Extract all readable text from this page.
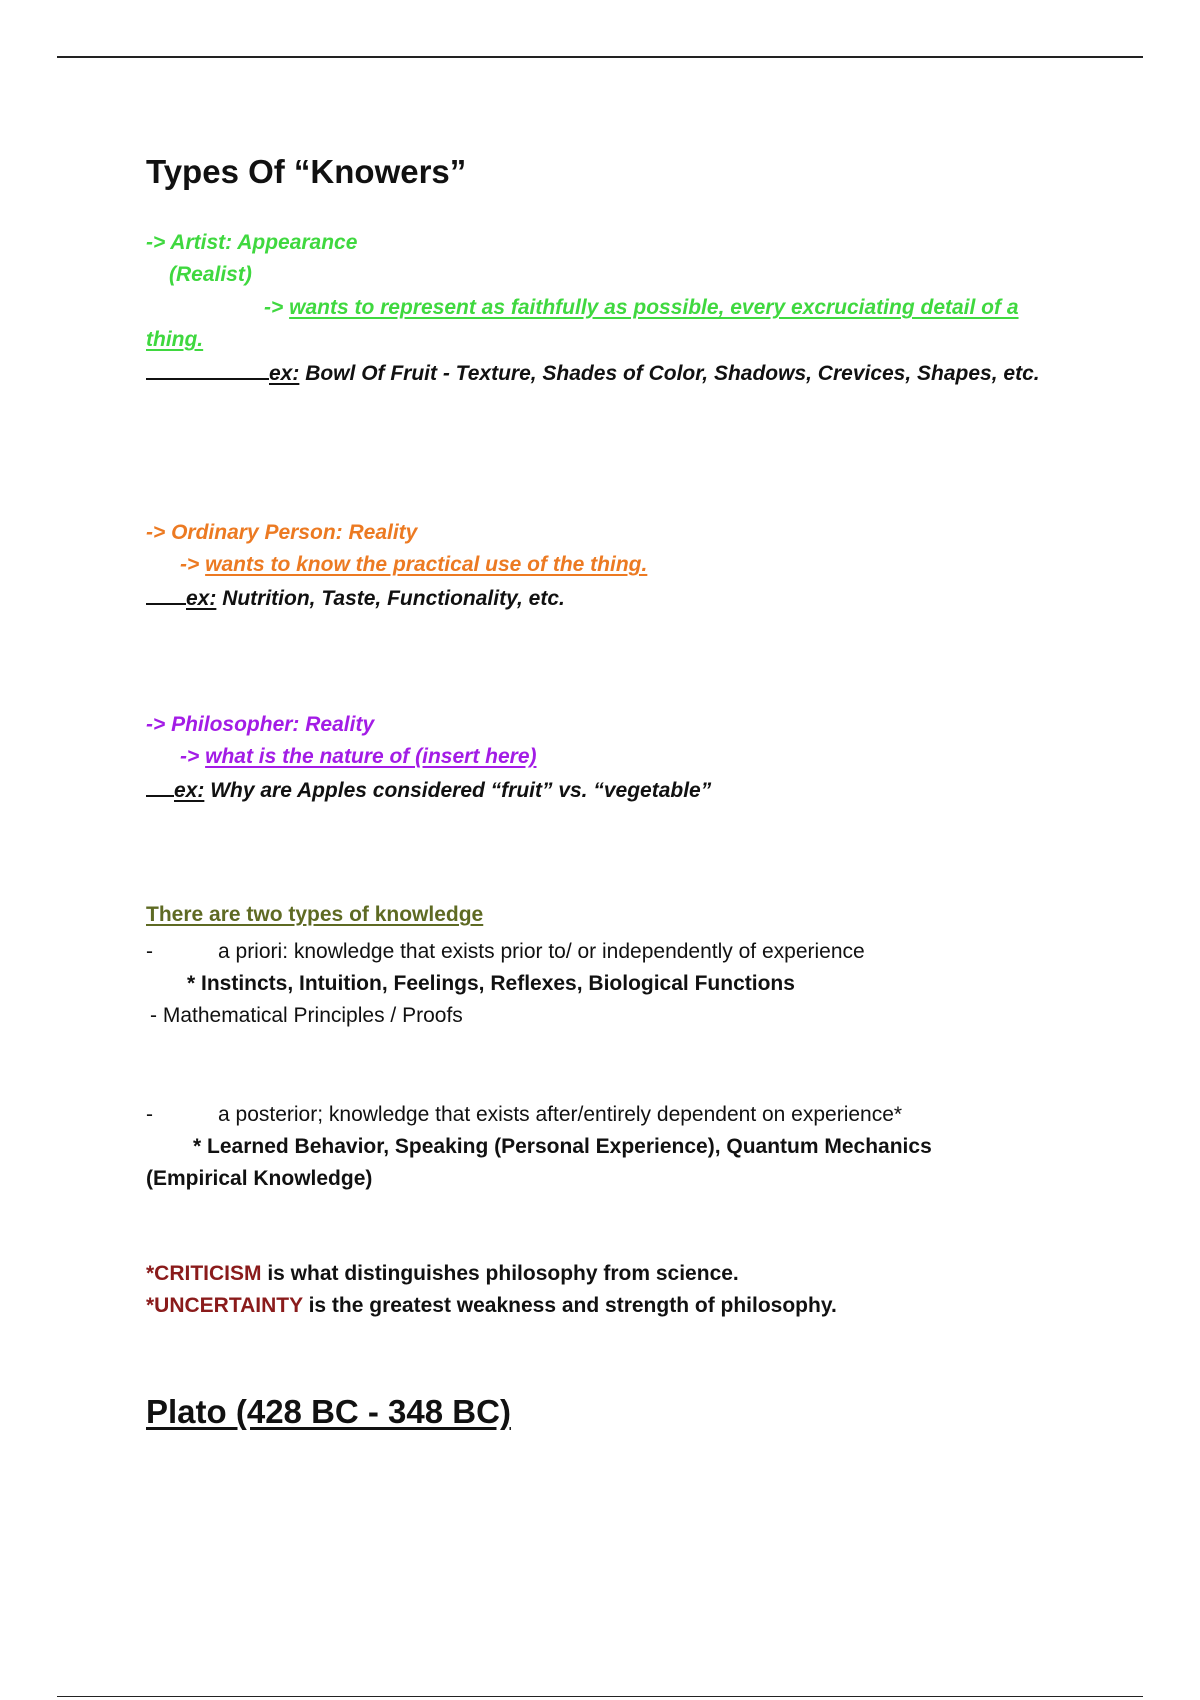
Types Of “Knowers”
-> Artist: Appearance
(Realist)
-> wants to represent as faithfully as possible, every excruciating detail of a
thing.
ex: Bowl Of Fruit - Texture, Shades of Color, Shadows, Crevices, Shapes, etc.
-> Ordinary Person: Reality
-> wants to know the practical use of the thing.
ex: Nutrition, Taste, Functionality, etc.
-> Philosopher: Reality
-> what is the nature of (insert here)
ex: Why are Apples considered “fruit” vs. “vegetable”
There are two types of knowledge
-	a priori: knowledge that exists prior to/ or independently of experience
* Instincts, Intuition, Feelings, Reflexes, Biological Functions
- Mathematical Principles / Proofs
-	a posterior; knowledge that exists after/entirely dependent on experience*
* Learned Behavior, Speaking (Personal Experience), Quantum Mechanics
(Empirical Knowledge)
*CRITICISM is what distinguishes philosophy from science.
*UNCERTAINTY is the greatest weakness and strength of philosophy.
Plato (428 BC - 348 BC)
